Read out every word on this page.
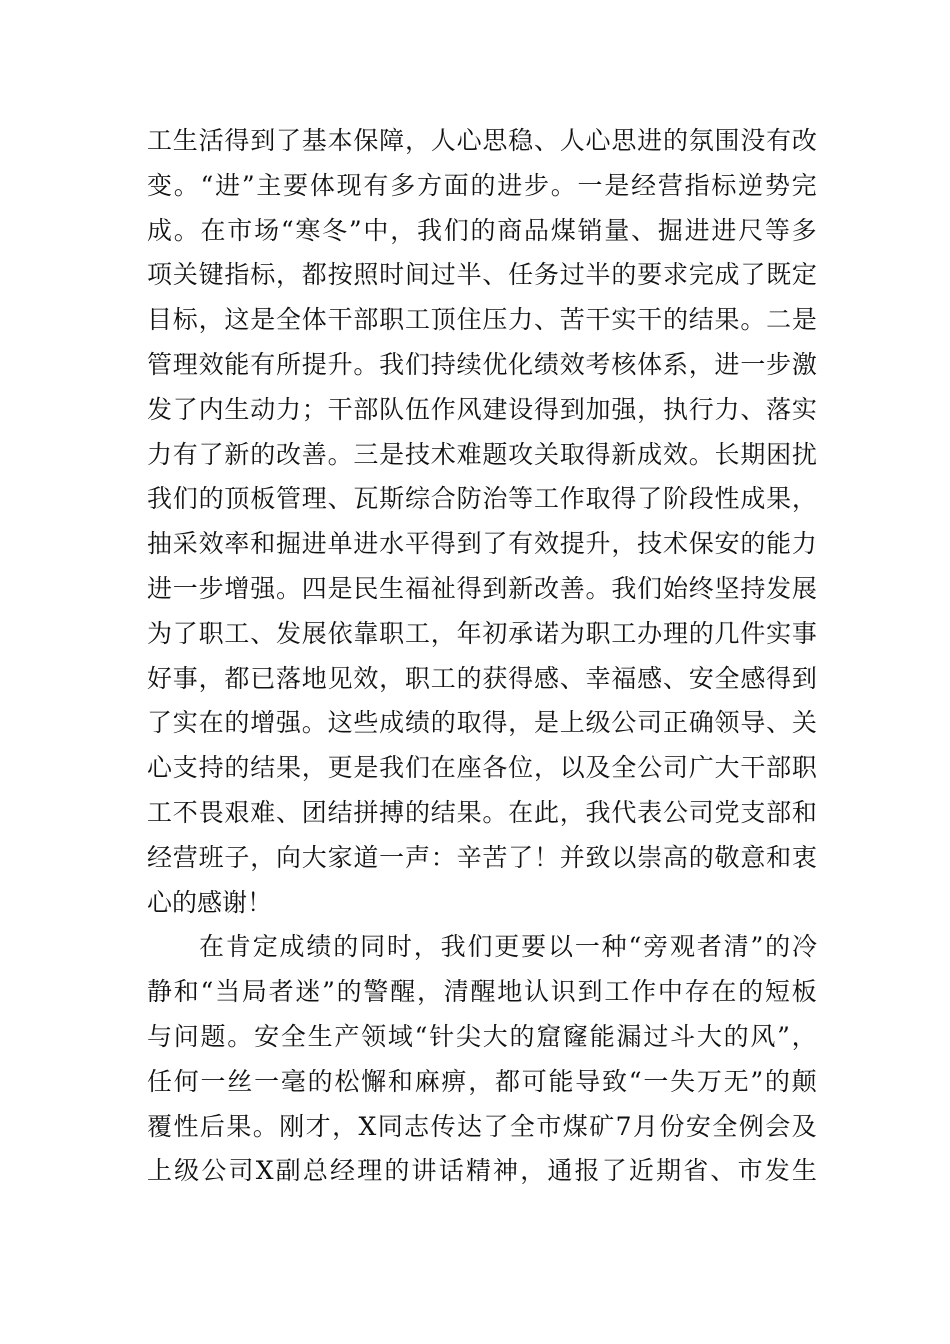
工 生 活 得 到 了 基 本 保 障 ， 人 心 思 稳 、 人 心 思 进 的 氛 围 没 有 改
变 。 “ 进 ” 主 要 体 现 有 多 方 面 的 进 步 。 一 是 经 营 指 标 逆 势 完
成 。 在 市 场 “ 寒 冬 ” 中 ， 我 们 的 商 品 煤 销 量 、 掘 进 进 尺 等 多
项 关 键 指 标 ， 都 按 照 时 间 过 半 、 任 务 过 半 的 要 求 完 成 了 既 定
目 标 ， 这 是 全 体 干 部 职 工 顶 住 压 力 、 苦 干 实 干 的 结 果 。 二 是
管 理 效 能 有 所 提 升 。 我 们 持 续 优 化 绩 效 考 核 体 系 ， 进 一 步 激
发 了 内 生 动 力 ； 干 部 队 伍 作 风 建 设 得 到 加 强 ， 执 行 力 、 落 实
力 有 了 新 的 改 善 。 三 是 技 术 难 题 攻 关 取 得 新 成 效 。 长 期 困 扰
我 们 的 顶 板 管 理 、 瓦 斯 综 合 防 治 等 工 作 取 得 了 阶 段 性 成 果 ，
抽 采 效 率 和 掘 进 单 进 水 平 得 到 了 有 效 提 升 ， 技 术 保 安 的 能 力
进 一 步 增 强 。 四 是 民 生 福 祉 得 到 新 改 善 。 我 们 始 终 坚 持 发 展
为 了 职 工 、 发 展 依 靠 职 工 ， 年 初 承 诺 为 职 工 办 理 的 几 件 实 事
好 事 ， 都 已 落 地 见 效 ， 职 工 的 获 得 感 、 幸 福 感 、 安 全 感 得 到
了 实 在 的 增 强 。 这 些 成 绩 的 取 得 ， 是 上 级 公 司 正 确 领 导 、 关
心 支 持 的 结 果 ， 更 是 我 们 在 座 各 位 ， 以 及 全 公 司 广 大 干 部 职
工 不 畏 艰 难 、 团 结 拼 搏 的 结 果 。 在 此 ， 我 代 表 公 司 党 支 部 和
经 营 班 子 ， 向 大 家 道 一 声 ： 辛 苦 了 ！ 并 致 以 崇 高 的 敬 意 和 衷
心的感谢！
在 肯 定 成 绩 的 同 时 ， 我 们 更 要 以 一 种 “ 旁 观 者 清 ” 的 冷
静 和 “ 当 局 者 迷 ” 的 警 醒 ， 清 醒 地 认 识 到 工 作 中 存 在 的 短 板
与 问 题 。 安 全 生 产 领 域 “ 针 尖 大 的 窟 窿 能 漏 过 斗 大 的 风 ” ，
任 何 一 丝 一 毫 的 松 懈 和 麻 痹 ， 都 可 能 导 致 “ 一 失 万 无 ” 的 颠
覆 性 后 果 。 刚 才 ， X 同 志 传 达 了 全 市 煤 矿 7 月 份 安 全 例 会 及
上 级 公 司 X 副 总 经 理 的 讲 话 精 神 ， 通 报 了 近 期 省 、 市 发 生
